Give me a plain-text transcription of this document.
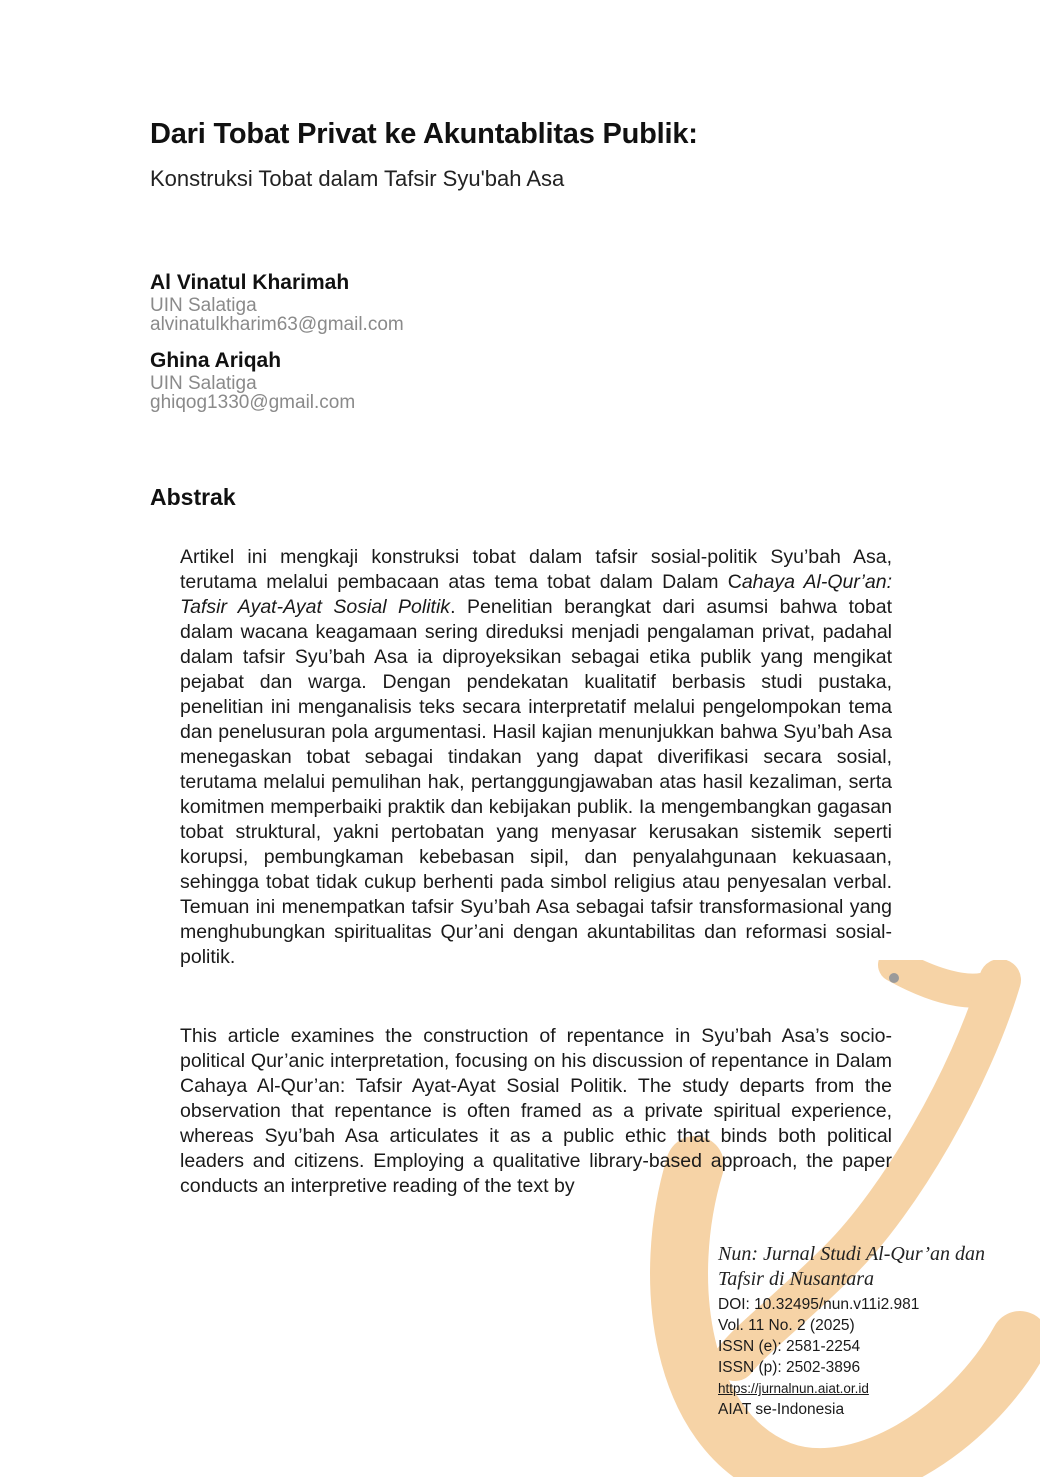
Dari Tobat Privat ke Akuntablitas Publik:
Konstruksi Tobat dalam Tafsir Syu'bah Asa
Al Vinatul Kharimah
UIN Salatiga
alvinatulkharim63@gmail.com
Ghina Ariqah
UIN Salatiga
ghiqog1330@gmail.com
Abstrak

Artikel ini mengkaji konstruksi tobat dalam tafsir sosial-politik Syu’bah Asa, terutama melalui pembacaan atas tema tobat dalam Dalam Cahaya Al-Qur’an: Tafsir Ayat-Ayat Sosial Politik. Penelitian berangkat dari asumsi bahwa tobat dalam wacana keagamaan sering direduksi menjadi pengalaman privat, padahal dalam tafsir Syu’bah Asa ia diproyeksikan sebagai etika publik yang mengikat pejabat dan warga. Dengan pendekatan kualitatif berbasis studi pustaka, penelitian ini menganalisis teks secara interpretatif melalui pengelompokan tema dan penelusuran pola argumentasi. Hasil kajian menunjukkan bahwa Syu’bah Asa menegaskan tobat sebagai tindakan yang dapat diverifikasi secara sosial, terutama melalui pemulihan hak, pertanggungjawaban atas hasil kezaliman, serta komitmen memperbaiki praktik dan kebijakan publik. Ia mengembangkan gagasan tobat struktural, yakni pertobatan yang menyasar kerusakan sistemik seperti korupsi, pembungkaman kebebasan sipil, dan penyalahgunaan kekuasaan, sehingga tobat tidak cukup berhenti pada simbol religius atau penyesalan verbal. Temuan ini menempatkan tafsir Syu’bah Asa sebagai tafsir transformasional yang menghubungkan spiritualitas Qur’ani dengan akuntabilitas dan reformasi sosial-politik.

This article examines the construction of repentance in Syu’bah Asa’s socio-political Qur’anic interpretation, focusing on his discussion of repentance in Dalam Cahaya Al-Qur’an: Tafsir Ayat-Ayat Sosial Politik. The study departs from the observation that repentance is often framed as a private spiritual experience, whereas Syu’bah Asa articulates it as a public ethic that binds both political leaders and citizens. Employing a qualitative library-based approach, the paper conducts an interpretive reading of the text by

Nun: Jurnal Studi Al-Qur’an dan
Tafsir di Nusantara
DOI: 10.32495/nun.v11i2.981
Vol. 11 No. 2 (2025)
ISSN (e): 2581-2254
ISSN (p): 2502-3896
https://jurnalnun.aiat.or.id
AIAT se-Indonesia
